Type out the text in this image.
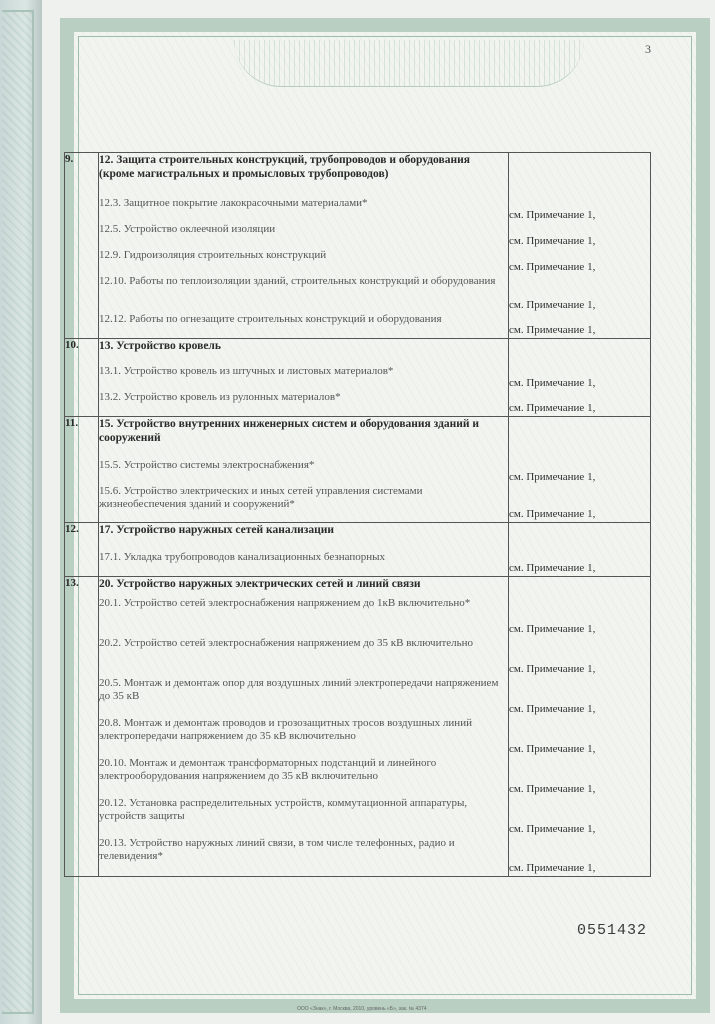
3
9.	12. Защита строительных конструкций, трубопроводов и оборудования (кроме магистральных и промысловых трубопроводов)	
	12.3. Защитное покрытие лакокрасочными материалами*	см. Примечание 1,
	12.5. Устройство оклеечной изоляции	см. Примечание 1,
	12.9. Гидроизоляция строительных конструкций	см. Примечание 1,
	12.10. Работы по теплоизоляции зданий, строительных конструкций и оборудования	см. Примечание 1,
	12.12. Работы по огнезащите строительных конструкций и оборудования	см. Примечание 1,
10.	13. Устройство кровель	
	13.1. Устройство кровель из штучных и листовых материалов*	см. Примечание 1,
	13.2. Устройство кровель из рулонных материалов*	см. Примечание 1,
11.	15. Устройство внутренних инженерных систем и оборудования зданий и сооружений	
	15.5. Устройство системы электроснабжения*	см. Примечание 1,
	15.6. Устройство электрических и иных сетей управления системами жизнеобеспечения зданий и сооружений*	см. Примечание 1,
12.	17. Устройство наружных сетей канализации	
	17.1. Укладка трубопроводов канализационных безнапорных	см. Примечание 1,
13.	20. Устройство наружных электрических сетей и линий связи	
	20.1. Устройство сетей электроснабжения напряжением до 1кВ включительно*	см. Примечание 1,
	20.2. Устройство сетей электроснабжения напряжением до 35 кВ включительно	см. Примечание 1,
	20.5. Монтаж и демонтаж опор для воздушных линий электропередачи напряжением до 35 кВ	см. Примечание 1,
	20.8. Монтаж и демонтаж проводов и грозозащитных тросов воздушных линий электропередачи напряжением до 35 кВ включительно	см. Примечание 1,
	20.10. Монтаж и демонтаж трансформаторных подстанций и линейного электрооборудования напряжением до 35 кВ включительно	см. Примечание 1,
	20.12. Установка распределительных устройств, коммутационной аппаратуры, устройств защиты	см. Примечание 1,
	20.13. Устройство наружных линий связи, в том числе телефонных, радио и телевидения*	см. Примечание 1,
0551432
ООО «Знак», г. Москва, 2010, уровень «Б», зак. № 4374
